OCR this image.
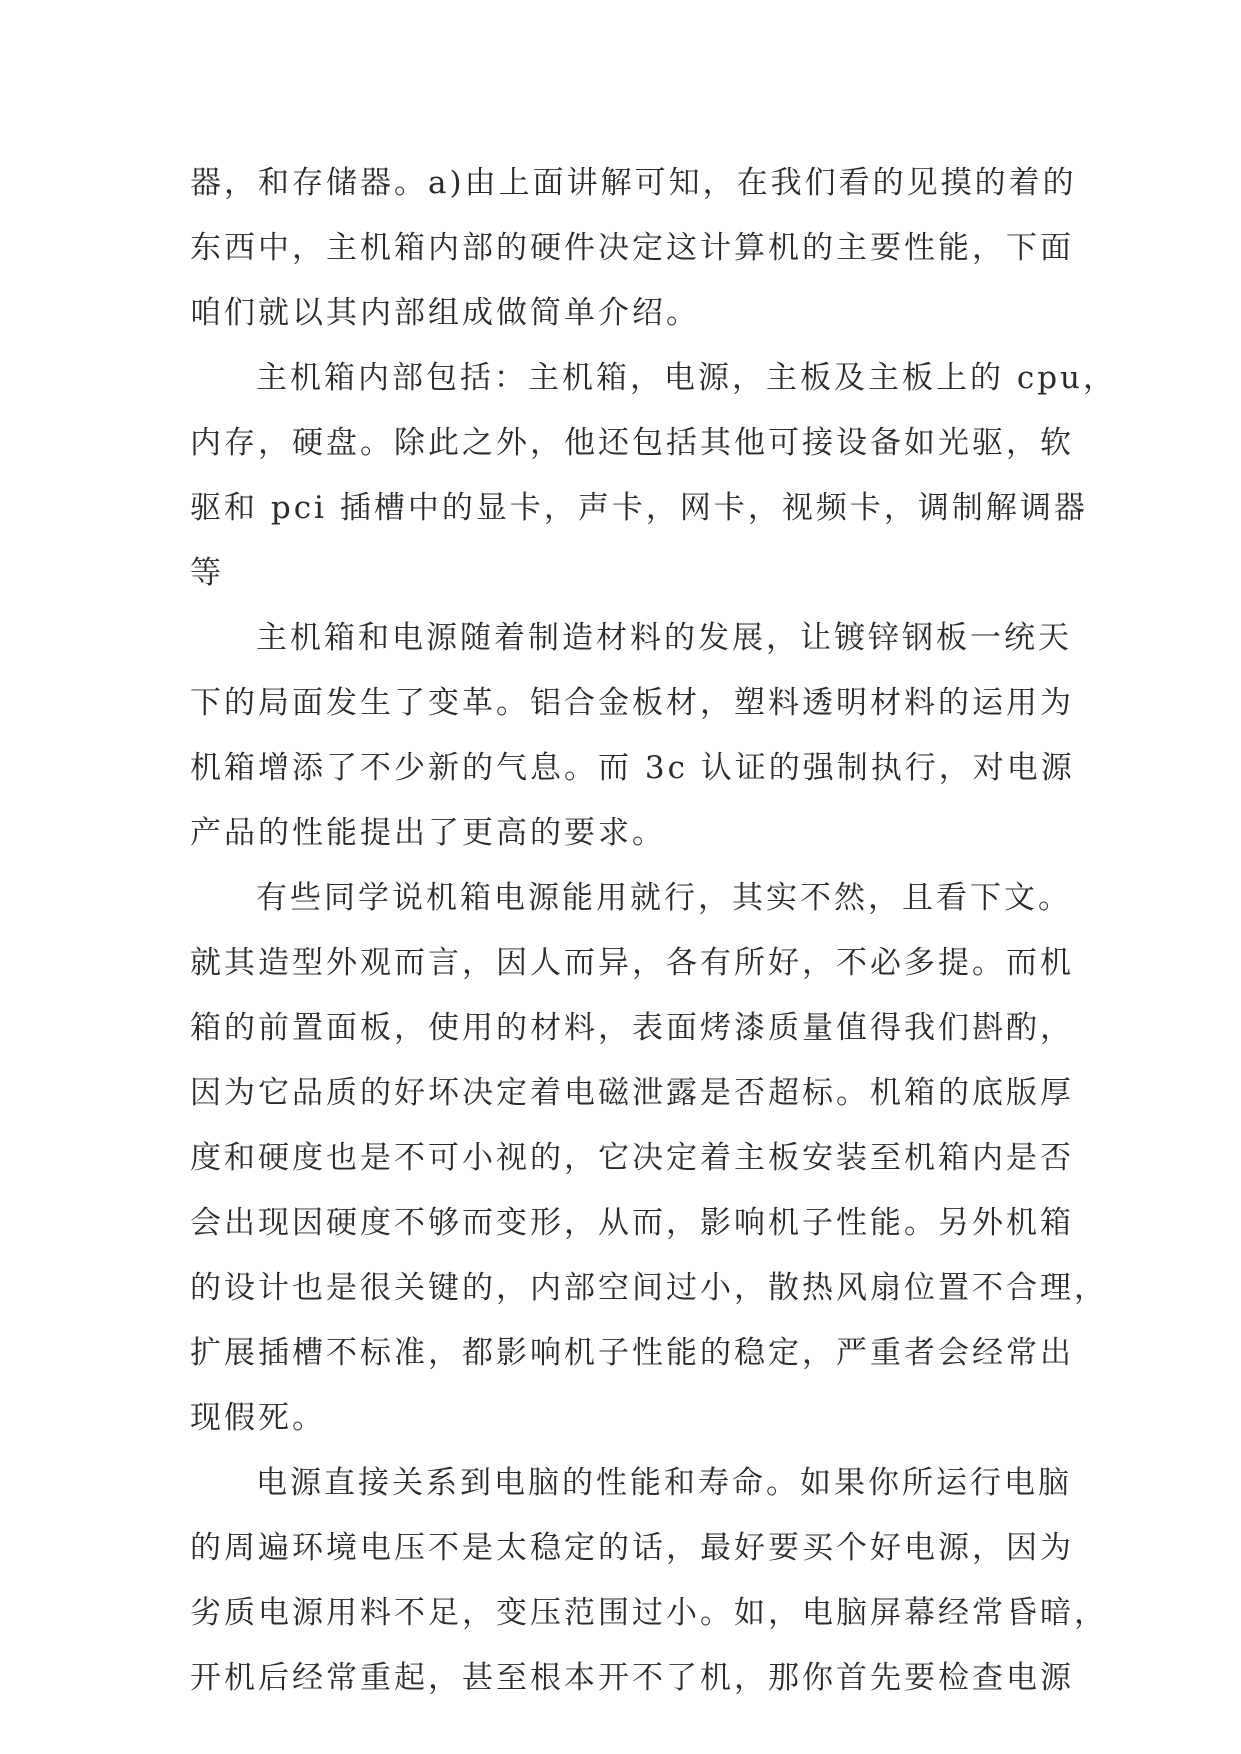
器，和存储器。a)由上面讲解可知，在我们看的见摸的着的
东西中，主机箱内部的硬件决定这计算机的主要性能，下面
咱们就以其内部组成做简单介绍。
主机箱内部包括：主机箱，电源，主板及主板上的 cpu，
内存，硬盘。除此之外，他还包括其他可接设备如光驱，软
驱和 pci 插槽中的显卡，声卡，网卡，视频卡，调制解调器
等
主机箱和电源随着制造材料的发展，让镀锌钢板一统天
下的局面发生了变革。铝合金板材，塑料透明材料的运用为
机箱增添了不少新的气息。而 3c 认证的强制执行，对电源
产品的性能提出了更高的要求。
有些同学说机箱电源能用就行，其实不然，且看下文。
就其造型外观而言，因人而异，各有所好，不必多提。而机
箱的前置面板，使用的材料，表面烤漆质量值得我们斟酌，
因为它品质的好坏决定着电磁泄露是否超标。机箱的底版厚
度和硬度也是不可小视的，它决定着主板安装至机箱内是否
会出现因硬度不够而变形，从而，影响机子性能。另外机箱
的设计也是很关键的，内部空间过小，散热风扇位置不合理，
扩展插槽不标准，都影响机子性能的稳定，严重者会经常出
现假死。
电源直接关系到电脑的性能和寿命。如果你所运行电脑
的周遍环境电压不是太稳定的话，最好要买个好电源，因为
劣质电源用料不足，变压范围过小。如，电脑屏幕经常昏暗，
开机后经常重起，甚至根本开不了机，那你首先要检查电源
